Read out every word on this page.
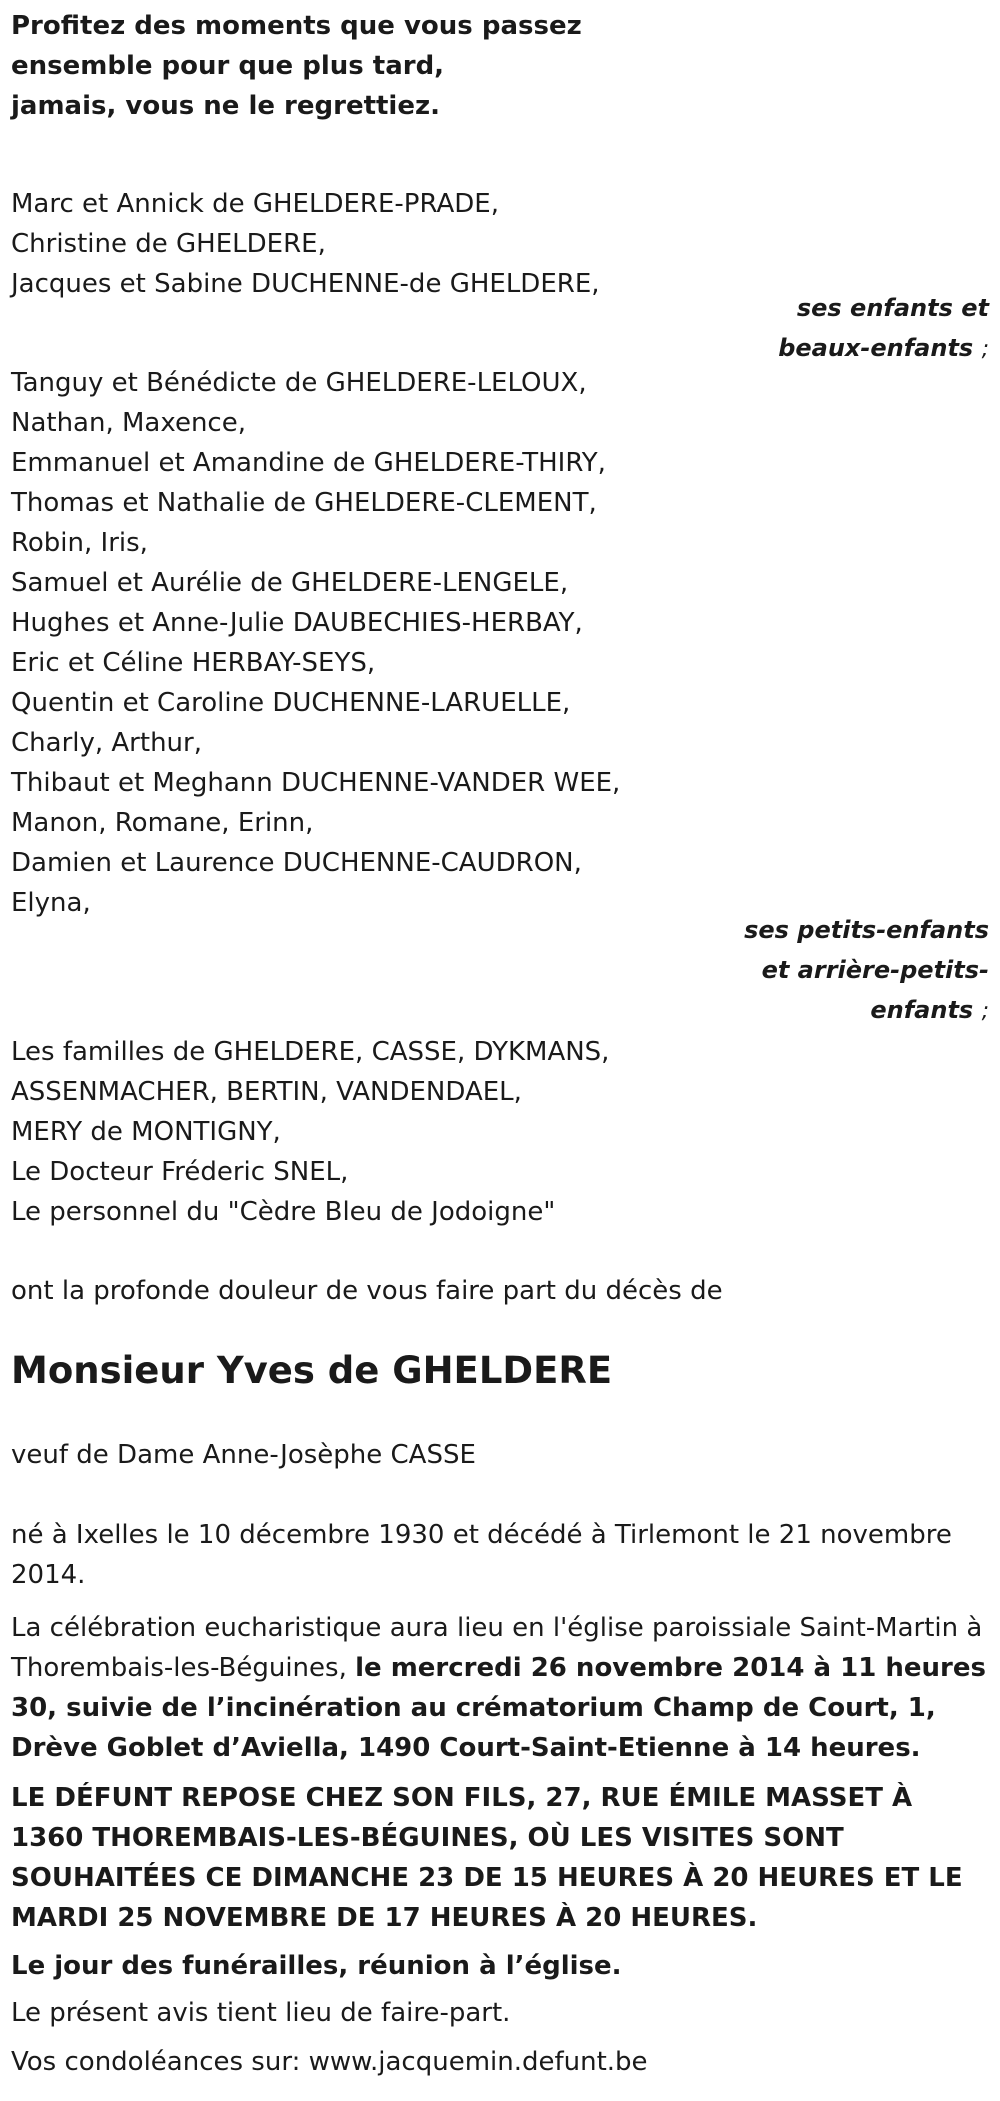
Profitez des moments que vous passez
ensemble pour que plus tard,
jamais, vous ne le regrettiez.
Marc et Annick de GHELDERE-PRADE,
Christine de GHELDERE,
Jacques et Sabine DUCHENNE-de GHELDERE,
ses enfants et
beaux-enfants ;
Tanguy et Bénédicte de GHELDERE-LELOUX,
Nathan, Maxence,
Emmanuel et Amandine de GHELDERE-THIRY,
Thomas et Nathalie de GHELDERE-CLEMENT,
Robin, Iris,
Samuel et Aurélie de GHELDERE-LENGELE,
Hughes et Anne-Julie DAUBECHIES-HERBAY,
Eric et Céline HERBAY-SEYS,
Quentin et Caroline DUCHENNE-LARUELLE,
Charly, Arthur,
Thibaut et Meghann DUCHENNE-VANDER WEE,
Manon, Romane, Erinn,
Damien et Laurence DUCHENNE-CAUDRON,
Elyna,
ses petits-enfants
et arrière-petits-
enfants ;
Les familles de GHELDERE, CASSE, DYKMANS,
ASSENMACHER, BERTIN, VANDENDAEL,
MERY de MONTIGNY,
Le Docteur Fréderic SNEL,
Le personnel du "Cèdre Bleu de Jodoigne"
ont la profonde douleur de vous faire part du décès de
Monsieur Yves de GHELDERE
veuf de Dame Anne-Josèphe CASSE
né à Ixelles le 10 décembre 1930 et décédé à Tirlemont le 21 novembre 2014.
La célébration eucharistique aura lieu en l'église paroissiale Saint-Martin à Thorembais-les-Béguines, le mercredi 26 novembre 2014 à 11 heures 30, suivie de l’incinération au crématorium Champ de Court, 1, Drève Goblet d’Aviella, 1490 Court-Saint-Etienne à 14 heures.
LE DÉFUNT REPOSE CHEZ SON FILS, 27, RUE ÉMILE MASSET À 1360 THOREMBAIS-LES-BÉGUINES, OÙ LES VISITES SONT SOUHAITÉES CE DIMANCHE 23 DE 15 HEURES À 20 HEURES ET LE MARDI 25 NOVEMBRE DE 17 HEURES À 20 HEURES.
Le jour des funérailles, réunion à l’église.
Le présent avis tient lieu de faire-part.
Vos condoléances sur: www.jacquemin.defunt.be
